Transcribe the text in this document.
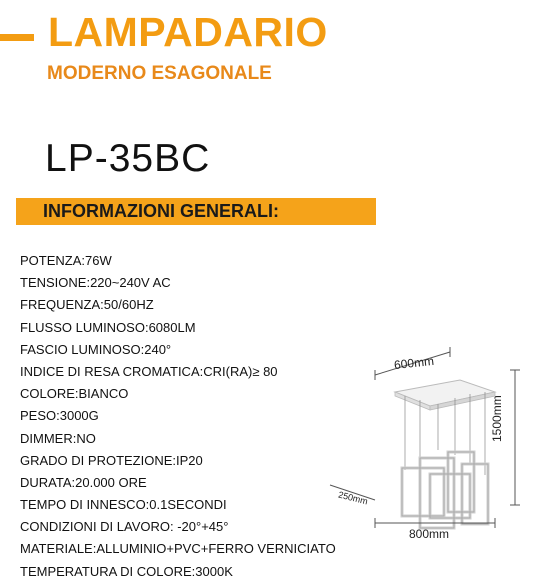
LAMPADARIO
MODERNO ESAGONALE
LP-35BC
INFORMAZIONI GENERALI:
POTENZA:76W
TENSIONE:220~240V AC
FREQUENZA:50/60HZ
FLUSSO LUMINOSO:6080LM
FASCIO LUMINOSO:240°
INDICE DI RESA CROMATICA:CRI(RA)≥ 80
COLORE:BIANCO
PESO:3000G
DIMMER:NO
GRADO DI PROTEZIONE:IP20
DURATA:20.000 ORE
TEMPO DI INNESCO:0.1SECONDI
CONDIZIONI DI LAVORO: -20°+45°
MATERIALE:ALLUMINIO+PVC+FERRO VERNICIATO
TEMPERATURA DI COLORE:3000K
600mm
1500mm
800mm
250mm
